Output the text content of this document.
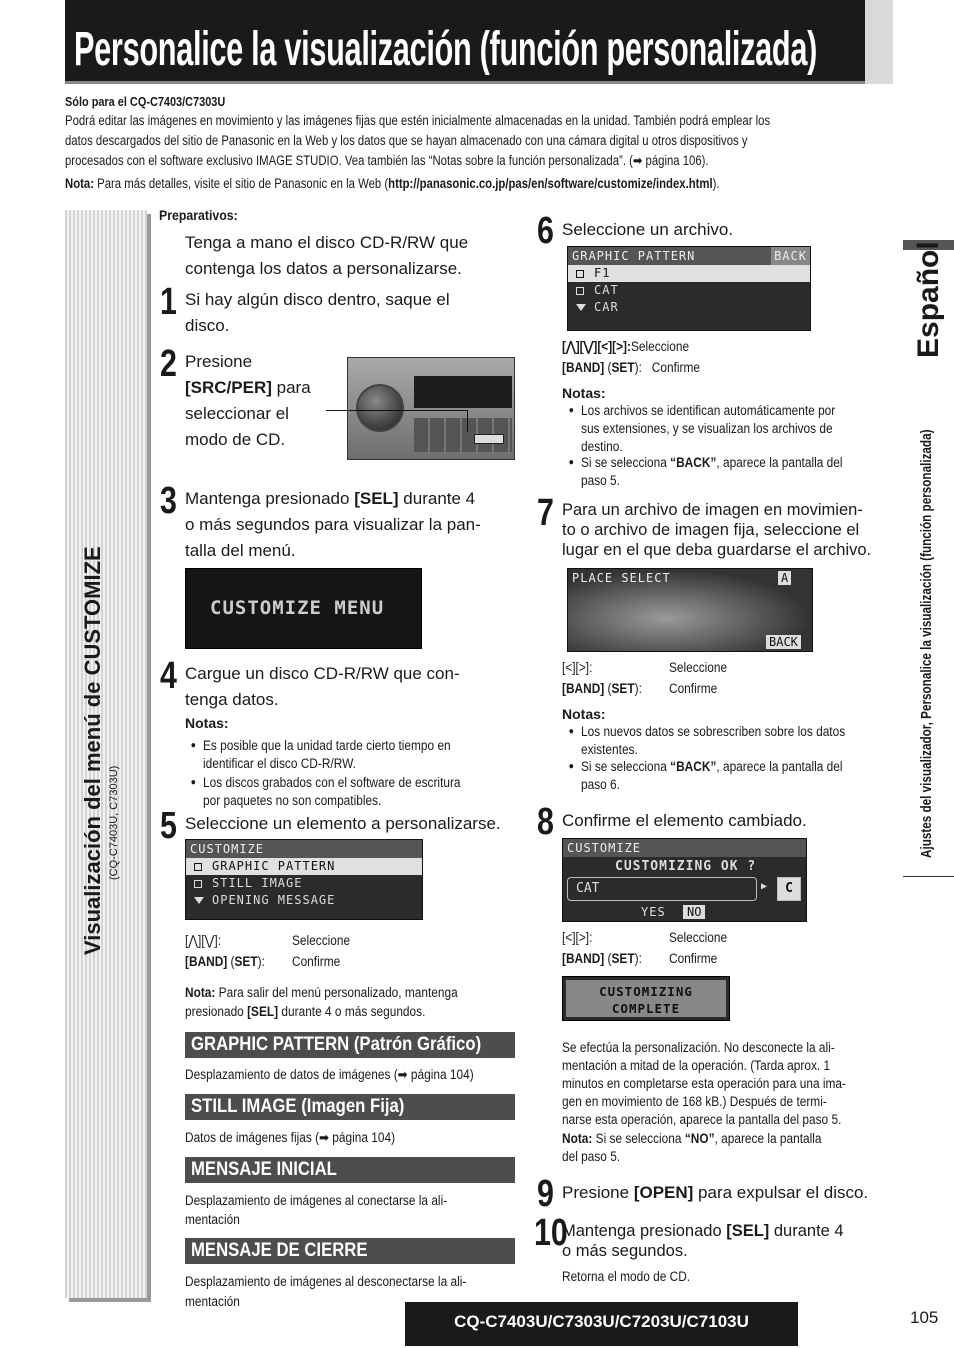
Personalice la visualización (función personalizada)
Sólo para el CQ-C7403/C7303U
Podrá editar las imágenes en movimiento y las imágenes fijas que estén inicialmente almacenadas en la unidad. También podrá emplear los
datos descargados del sitio de Panasonic en la Web y los datos que se hayan almacenado con una cámara digital u otros dispositivos y
procesados con el software exclusivo IMAGE STUDIO. Vea también las “Notas sobre la función personalizada”. (➡ página 106).
Nota: Para más detalles, visite el sitio de Panasonic en la Web (http://panasonic.co.jp/pas/en/software/customize/index.html).
Visualización del menú de CUSTOMIZE (CQ-C7403U, C7303U)
Español
Ajustes del visualizador, Personalice la visualización (función personalizada)
Preparativos:
Tenga a mano el disco CD-R/RW que
contenga los datos a personalizarse.
1 Si hay algún disco dentro, saque el
disco.
2 Presione
[SRC/PER] para
seleccionar el
modo de CD.
3 Mantenga presionado [SEL] durante 4
o más segundos para visualizar la pan-
talla del menú.
CUSTOMIZE MENU
4 Cargue un disco CD-R/RW que con-
tenga datos.
Notas:
● Es posible que la unidad tarde cierto tiempo en
identificar el disco CD-R/RW.
● Los discos grabados con el software de escritura
por paquetes no son compatibles.
5 Seleccione un elemento a personalizarse.
CUSTOMIZE
GRAPHIC PATTERN
STILL IMAGE
OPENING MESSAGE
[⋀][⋁]:	Seleccione
[BAND] (SET): Confirme
Nota: Para salir del menú personalizado, mantenga
presionado [SEL] durante 4 o más segundos.
GRAPHIC PATTERN (Patrón Gráfico)
Desplazamiento de datos de imágenes (➡ página 104)
STILL IMAGE (Imagen Fija)
Datos de imágenes fijas (➡ página 104)
MENSAJE INICIAL
Desplazamiento de imágenes al conectarse la ali-
mentación
MENSAJE DE CIERRE
Desplazamiento de imágenes al desconectarse la ali-
mentación
6 Seleccione un archivo.
GRAPHIC PATTERN	BACK
F1
CAT
CAR
[⋀][⋁][<][>]:Seleccione
[BAND] (SET):   Confirme
Notas:
● Los archivos se identifican automáticamente por
sus extensiones, y se visualizan los archivos de
destino.
● Si se selecciona “BACK”, aparece la pantalla del
paso 5.
7 Para un archivo de imagen en movimien-
to o archivo de imagen fija, seleccione el
lugar en el que deba guardarse el archivo.
PLACE SELECT	A
BACK
[<][>]:	Seleccione
[BAND] (SET): Confirme
Notas:
● Los nuevos datos se sobrescriben sobre los datos
existentes.
● Si se selecciona “BACK”, aparece la pantalla del
paso 6.
8 Confirme el elemento cambiado.
CUSTOMIZE
CUSTOMIZING OK ?
CAT	▶	C
YES	NO
[<][>]:	Seleccione
[BAND] (SET): Confirme
CUSTOMIZING
COMPLETE
Se efectúa la personalización. No desconecte la ali-
mentación a mitad de la operación. (Tarda aprox. 1
minutos en completarse esta operación para una ima-
gen en movimiento de 168 kB.) Después de termi-
narse esta operación, aparece la pantalla del paso 5.
Nota: Si se selecciona “NO”, aparece la pantalla
del paso 5.
9 Presione [OPEN] para expulsar el disco.
10
Mantenga presionado [SEL] durante 4
o más segundos.
Retorna el modo de CD.
CQ-C7403U/C7303U/C7203U/C7103U	105
